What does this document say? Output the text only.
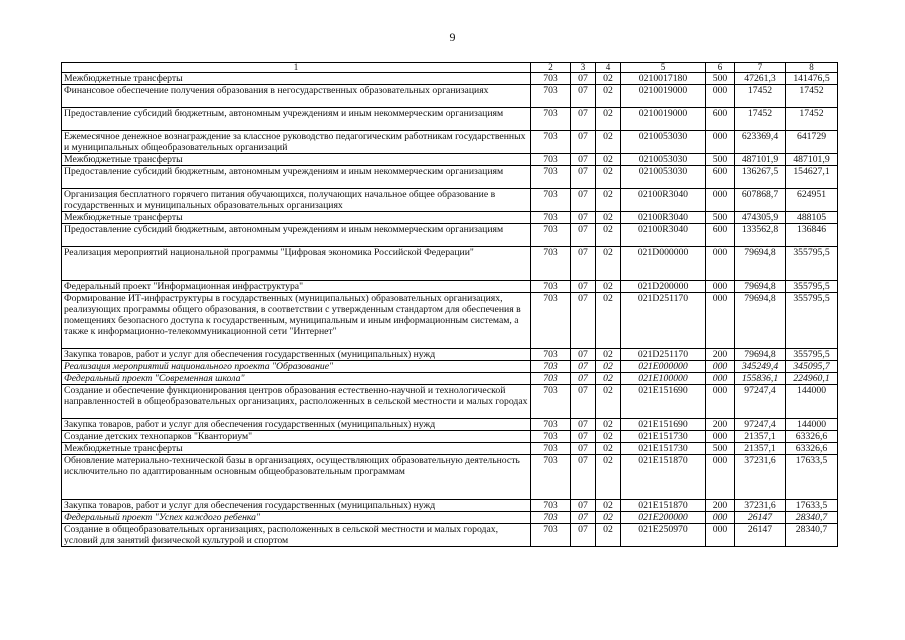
9
1	2	3	4	5	6	7	8
Межбюджетные трансферты	703	07	02	0210017180	500	47261,3	141476,5
Финансовое обеспечение получения образования в негосударственных образовательных организациях	703	07	02	0210019000	000	17452	17452
Предоставление субсидий бюджетным, автономным учреждениям и иным некоммерческим организациям	703	07	02	0210019000	600	17452	17452
Ежемесячное денежное вознаграждение за классное руководство педагогическим работникам государственных и муниципальных общеобразовательных организаций	703	07	02	0210053030	000	623369,4	641729
Межбюджетные трансферты	703	07	02	0210053030	500	487101,9	487101,9
Предоставление субсидий бюджетным, автономным учреждениям и иным некоммерческим организациям	703	07	02	0210053030	600	136267,5	154627,1
Организация бесплатного горячего питания обучающихся, получающих начальное общее образование в государственных и муниципальных образовательных организациях	703	07	02	02100R3040	000	607868,7	624951
Межбюджетные трансферты	703	07	02	02100R3040	500	474305,9	488105
Предоставление субсидий бюджетным, автономным учреждениям и иным некоммерческим организациям	703	07	02	02100R3040	600	133562,8	136846
Реализация мероприятий национальной программы "Цифровая экономика Российской Федерации"	703	07	02	021D000000	000	79694,8	355795,5
Федеральный проект "Информационная инфраструктура"	703	07	02	021D200000	000	79694,8	355795,5
Формирование ИТ-инфраструктуры в государственных (муниципальных) образовательных организациях, реализующих программы общего образования, в соответствии с утвержденным стандартом для обеспечения в помещениях безопасного доступа к государственным, муниципальным и иным информационным системам, а также к информационно-телекоммуникационной сети "Интернет"	703	07	02	021D251170	000	79694,8	355795,5
Закупка товаров, работ и услуг для обеспечения государственных (муниципальных) нужд	703	07	02	021D251170	200	79694,8	355795,5
Реализация мероприятий национального проекта "Образование"	703	07	02	021E000000	000	345249,4	345095,7
Федеральный проект "Современная школа"	703	07	02	021E100000	000	155836,1	224960,1
Создание и обеспечение функционирования центров образования естественно-научной и технологической направленностей в общеобразовательных организациях, расположенных в сельской местности и малых городах	703	07	02	021E151690	000	97247,4	144000
Закупка товаров, работ и услуг для обеспечения государственных (муниципальных) нужд	703	07	02	021E151690	200	97247,4	144000
Создание детских технопарков "Кванториум"	703	07	02	021E151730	000	21357,1	63326,6
Межбюджетные трансферты	703	07	02	021E151730	500	21357,1	63326,6
Обновление материально-технической базы в организациях, осуществляющих образовательную деятельность исключительно по адаптированным основным общеобразовательным программам	703	07	02	021E151870	000	37231,6	17633,5
Закупка товаров, работ и услуг для обеспечения государственных (муниципальных) нужд	703	07	02	021E151870	200	37231,6	17633,5
Федеральный проект "Успех каждого ребенка"	703	07	02	021E200000	000	26147	28340,7
Создание в общеобразовательных организациях, расположенных в сельской местности и малых городах, условий для занятий физической культурой и спортом	703	07	02	021E250970	000	26147	28340,7
